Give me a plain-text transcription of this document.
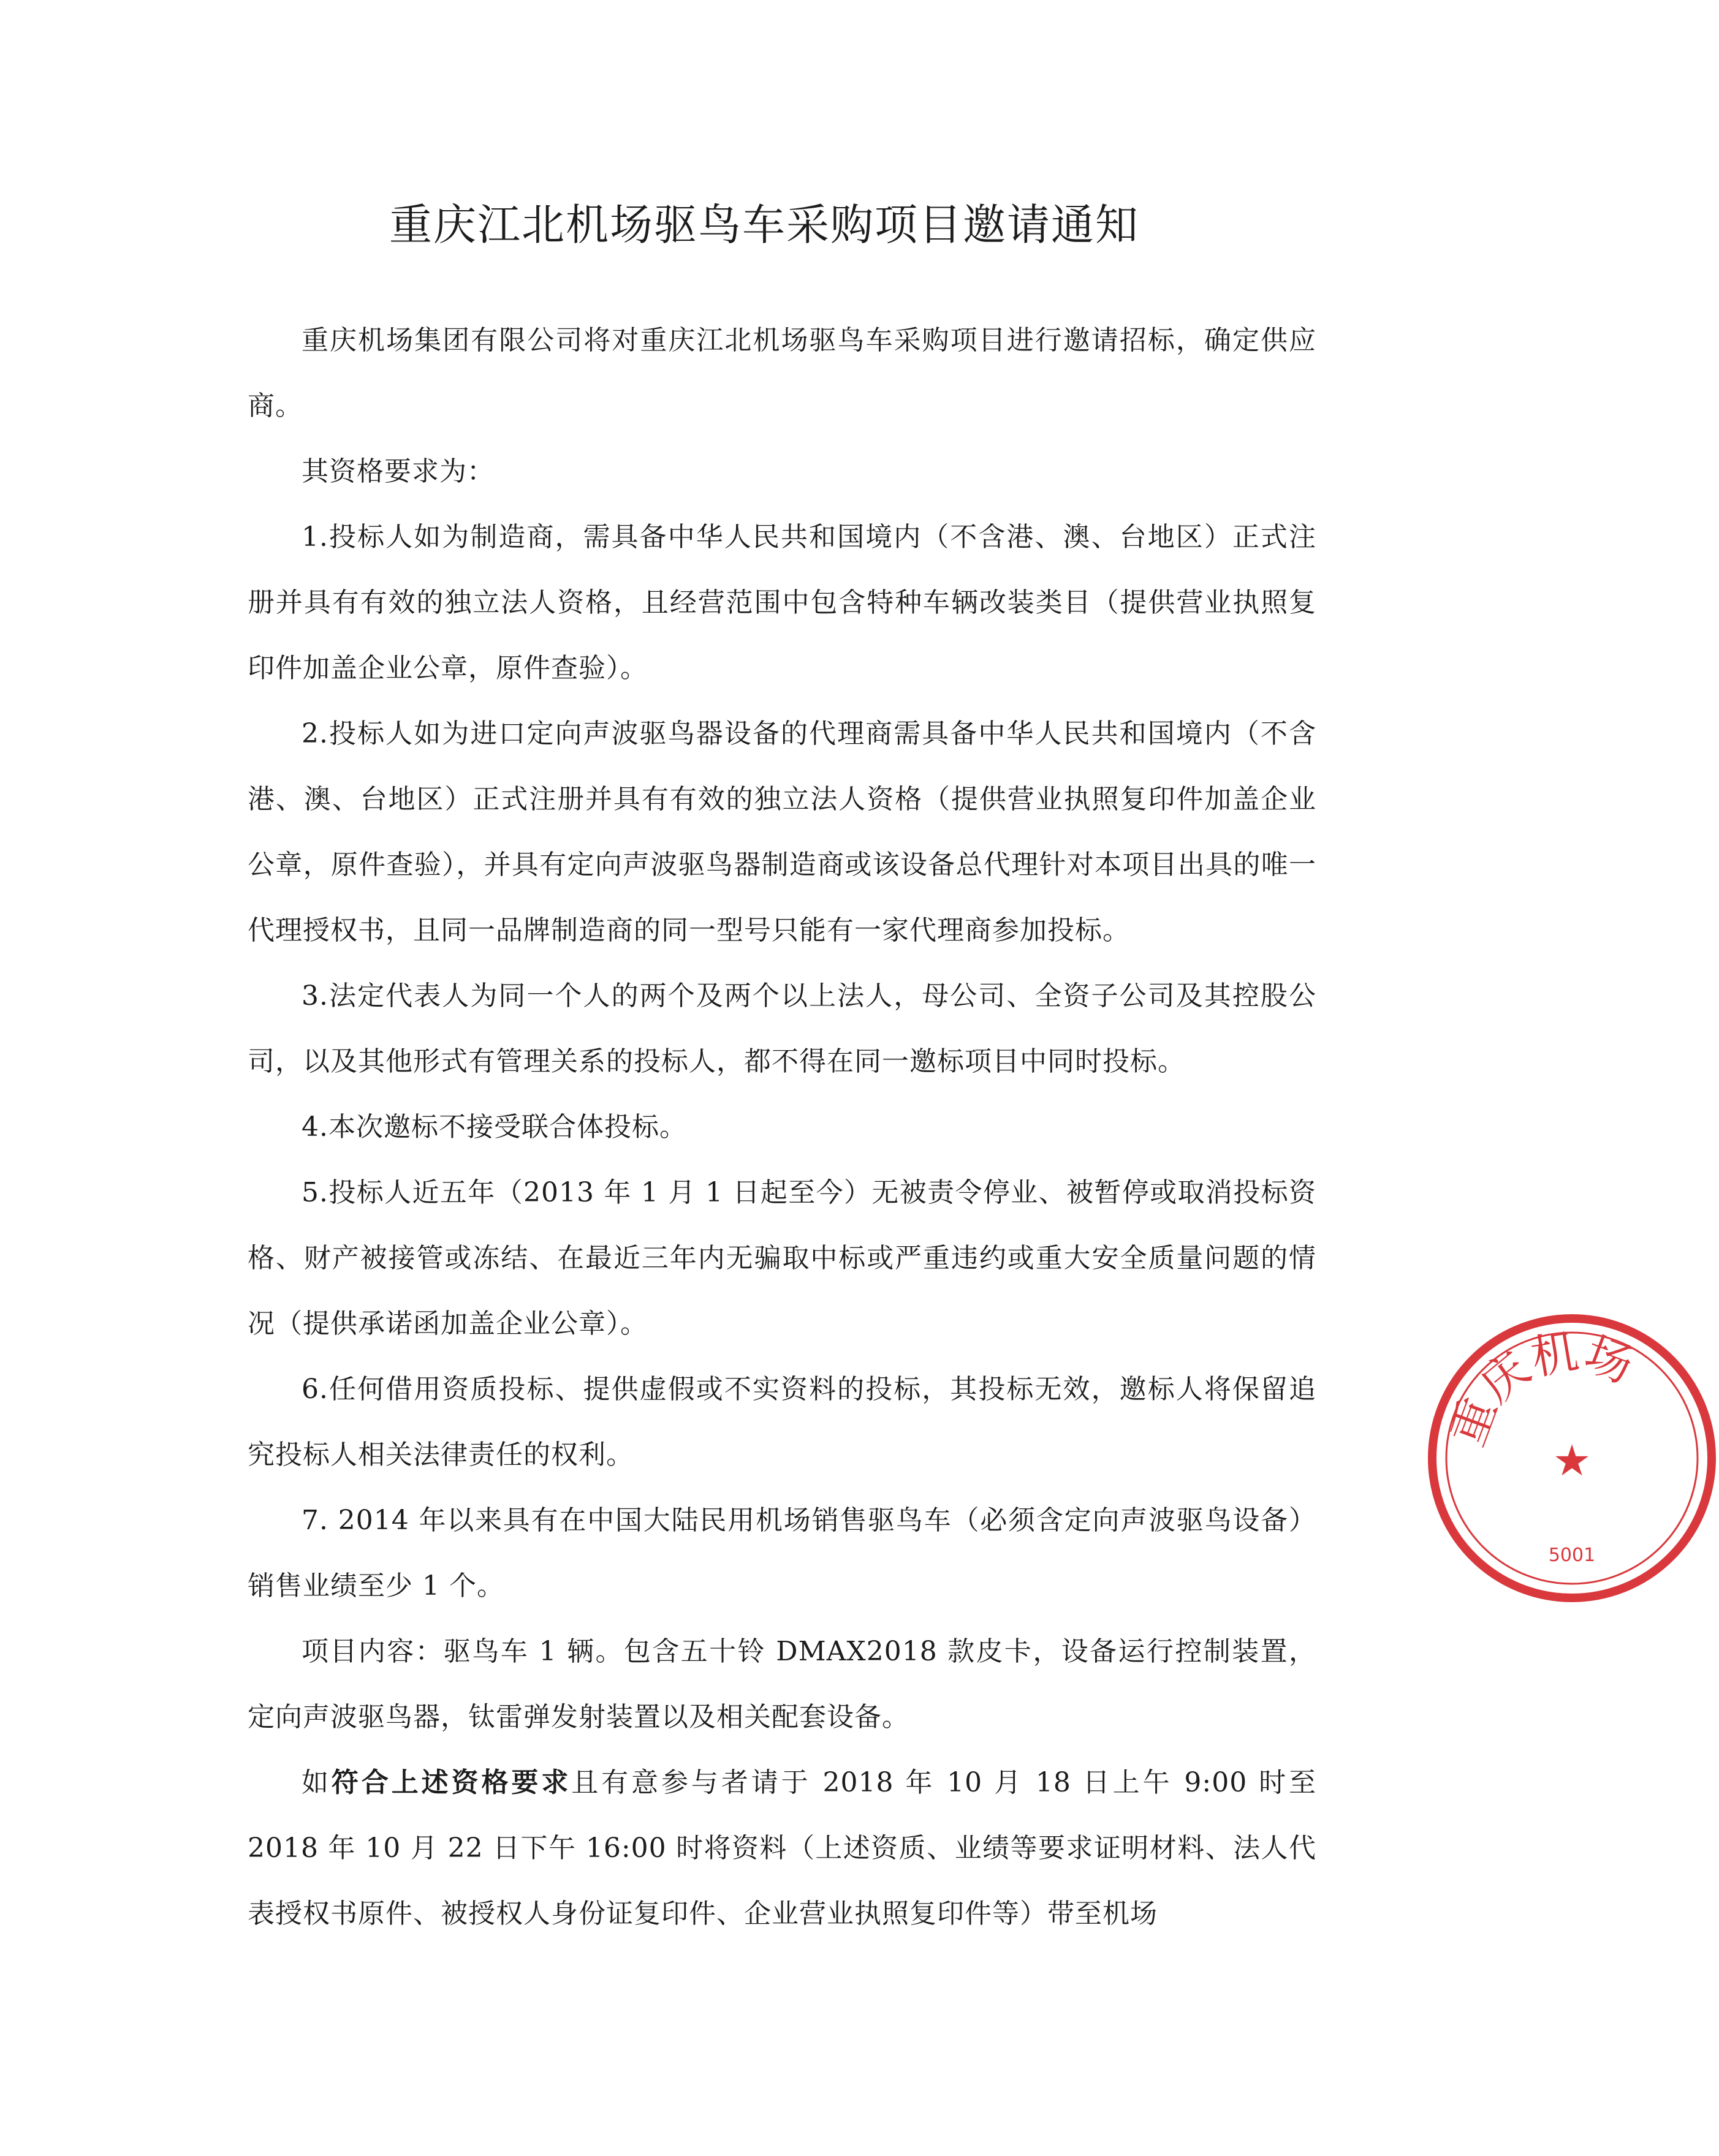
重庆江北机场驱鸟车采购项目邀请通知

重庆机场集团有限公司将对重庆江北机场驱鸟车采购项目进行邀请招标，确定供应商。

其资格要求为：

1.投标人如为制造商，需具备中华人民共和国境内（不含港、澳、台地区）正式注册并具有有效的独立法人资格，且经营范围中包含特种车辆改装类目（提供营业执照复印件加盖企业公章，原件查验）。

2.投标人如为进口定向声波驱鸟器设备的代理商需具备中华人民共和国境内（不含港、澳、台地区）正式注册并具有有效的独立法人资格（提供营业执照复印件加盖企业公章，原件查验），并具有定向声波驱鸟器制造商或该设备总代理针对本项目出具的唯一代理授权书，且同一品牌制造商的同一型号只能有一家代理商参加投标。

3.法定代表人为同一个人的两个及两个以上法人，母公司、全资子公司及其控股公司，以及其他形式有管理关系的投标人，都不得在同一邀标项目中同时投标。

4.本次邀标不接受联合体投标。

5.投标人近五年（2013 年 1 月 1 日起至今）无被责令停业、被暂停或取消投标资格、财产被接管或冻结、在最近三年内无骗取中标或严重违约或重大安全质量问题的情况（提供承诺函加盖企业公章）。

6.任何借用资质投标、提供虚假或不实资料的投标，其投标无效，邀标人将保留追究投标人相关法律责任的权利。

7. 2014 年以来具有在中国大陆民用机场销售驱鸟车（必须含定向声波驱鸟设备）销售业绩至少 1 个。

项目内容：驱鸟车 1 辆。包含五十铃 DMAX2018 款皮卡，设备运行控制装置，定向声波驱鸟器，钛雷弹发射装置以及相关配套设备。

如符合上述资格要求且有意参与者请于 2018 年 10 月 18 日上午 9:00 时至 2018 年 10 月 22 日下午 16:00 时将资料（上述资质、业绩等要求证明材料、法人代表授权书原件、被授权人身份证复印件、企业营业执照复印件等）带至机场

重庆机场
★
5001
